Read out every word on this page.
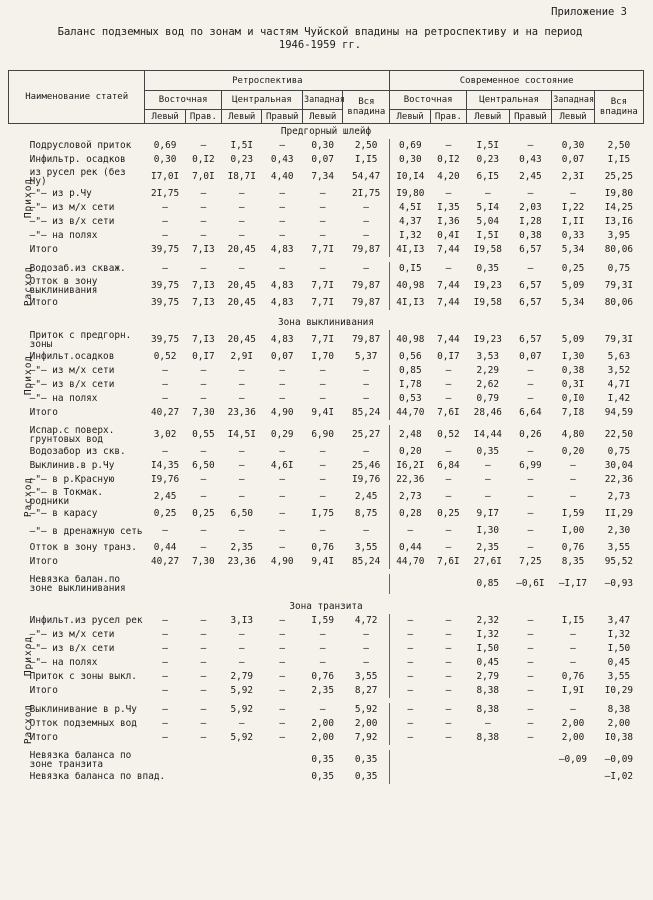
Приложение 3
Баланс подземных вод по зонам и частям Чуйской впадины на ретроспективу и на период
1946-1959 гг.
Наименование статей		Ретроспектива						Современное состояние					
		Восточная		Центральная		Западная	Вся впадина	Восточная		Центральная		Западная	Вся впадина
		Левый	Прав.	Левый	Правый	Левый		Левый	Прав.	Левый	Правый	Левый	
Предгорный шлейф													
Приход	Подрусловой приток	0,69	–	I,5I	–	0,30	2,50	0,69	–	I,5I	–	0,30	2,50
	Инфильтр. осадков	0,30	0,I2	0,23	0,43	0,07	I,I5	0,30	0,I2	0,23	0,43	0,07	I,I5
	из русел рек (без Чу)	I7,0I	7,0I	I8,7I	4,40	7,34	54,47	I0,I4	4,20	6,I5	2,45	2,3I	25,25
	–"– из р.Чу	2I,75	–	–	–	–	2I,75	I9,80	–	–	–	–	I9,80
	–"– из м/х сети	–	–	–	–	–	–	4,5I	I,35	5,I4	2,03	I,22	I4,25
	–"– из в/х сети	–	–	–	–	–	–	4,37	I,36	5,04	I,28	I,II	I3,I6
	–"– на полях	–	–	–	–	–	–	I,32	0,4I	I,5I	0,38	0,33	3,95
	Итого	39,75	7,I3	20,45	4,83	7,7I	79,87	4I,I3	7,44	I9,58	6,57	5,34	80,06

Расход	Водозаб.из скваж.	–	–	–	–	–	–	0,I5	–	0,35	–	0,25	0,75
	Отток в зону выклинивания	39,75	7,I3	20,45	4,83	7,7I	79,87	40,98	7,44	I9,23	6,57	5,09	79,3I
	Итого	39,75	7,I3	20,45	4,83	7,7I	79,87	4I,I3	7,44	I9,58	6,57	5,34	80,06

Зона выклинивания													
Приход	Приток с предгорн. зоны	39,75	7,I3	20,45	4,83	7,7I	79,87	40,98	7,44	I9,23	6,57	5,09	79,3I
	Инфильт.осадков	0,52	0,I7	2,9I	0,07	I,70	5,37	0,56	0,I7	3,53	0,07	I,30	5,63
	–"– из м/х сети	–	–	–	–	–	–	0,85	–	2,29	–	0,38	3,52
	–"– из в/х сети	–	–	–	–	–	–	I,78	–	2,62	–	0,3I	4,7I
	–"– на полях	–	–	–	–	–	–	0,53	–	0,79	–	0,I0	I,42
	Итого	40,27	7,30	23,36	4,90	9,4I	85,24	44,70	7,6I	28,46	6,64	7,I8	94,59

Расход	Испар.с поверх. грунтовых вод	3,02	0,55	I4,5I	0,29	6,90	25,27	2,48	0,52	I4,44	0,26	4,80	22,50
	Водозабор из скв.	–	–	–	–	–	–	0,20	–	0,35	–	0,20	0,75
	Выклинив.в р.Чу	I4,35	6,50	–	4,6I	–	25,46	I6,2I	6,84	–	6,99	–	30,04
	–"– в р.Красную	I9,76	–	–	–	–	I9,76	22,36	–	–	–	–	22,36
	–"– в Токмак. родники	2,45	–	–	–	–	2,45	2,73	–	–	–	–	2,73
	–"– в карасу	0,25	0,25	6,50	–	I,75	8,75	0,28	0,25	9,I7	–	I,59	II,29
	–"– в дренажную сеть	–	–	–	–	–	–	–	–	I,30	–	I,00	2,30
	Отток в зону транз.	0,44	–	2,35	–	0,76	3,55	0,44	–	2,35	–	0,76	3,55
	Итого	40,27	7,30	23,36	4,90	9,4I	85,24	44,70	7,6I	27,6I	7,25	8,35	95,52

	Невязка балан.по зоне выклинивания									0,85	–0,6I	–I,I7	–0,93

Зона транзита													
Приход	Инфильт.из русел рек	–	–	3,I3	–	I,59	4,72	–	–	2,32	–	I,I5	3,47
	–"– из м/х сети	–	–	–	–	–	–	–	–	I,32	–	–	I,32
	–"– из в/х сети	–	–	–	–	–	–	–	–	I,50	–	–	I,50
	–"– на полях	–	–	–	–	–	–	–	–	0,45	–	–	0,45
	Приток с зоны выкл.	–	–	2,79	–	0,76	3,55	–	–	2,79	–	0,76	3,55
	Итого	–	–	5,92	–	2,35	8,27	–	–	8,38	–	I,9I	I0,29

Расход	Выклинивание в р.Чу	–	–	5,92	–	–	5,92	–	–	8,38	–	–	8,38
	Отток подземных вод	–	–	–	–	2,00	2,00	–	–	–	–	2,00	2,00
	Итого	–	–	5,92	–	2,00	7,92	–	–	8,38	–	2,00	I0,38

	Невязка баланса по зоне транзита					0,35	0,35					–0,09	–0,09
	Невязка баланса по впад.					0,35	0,35						–I,02
